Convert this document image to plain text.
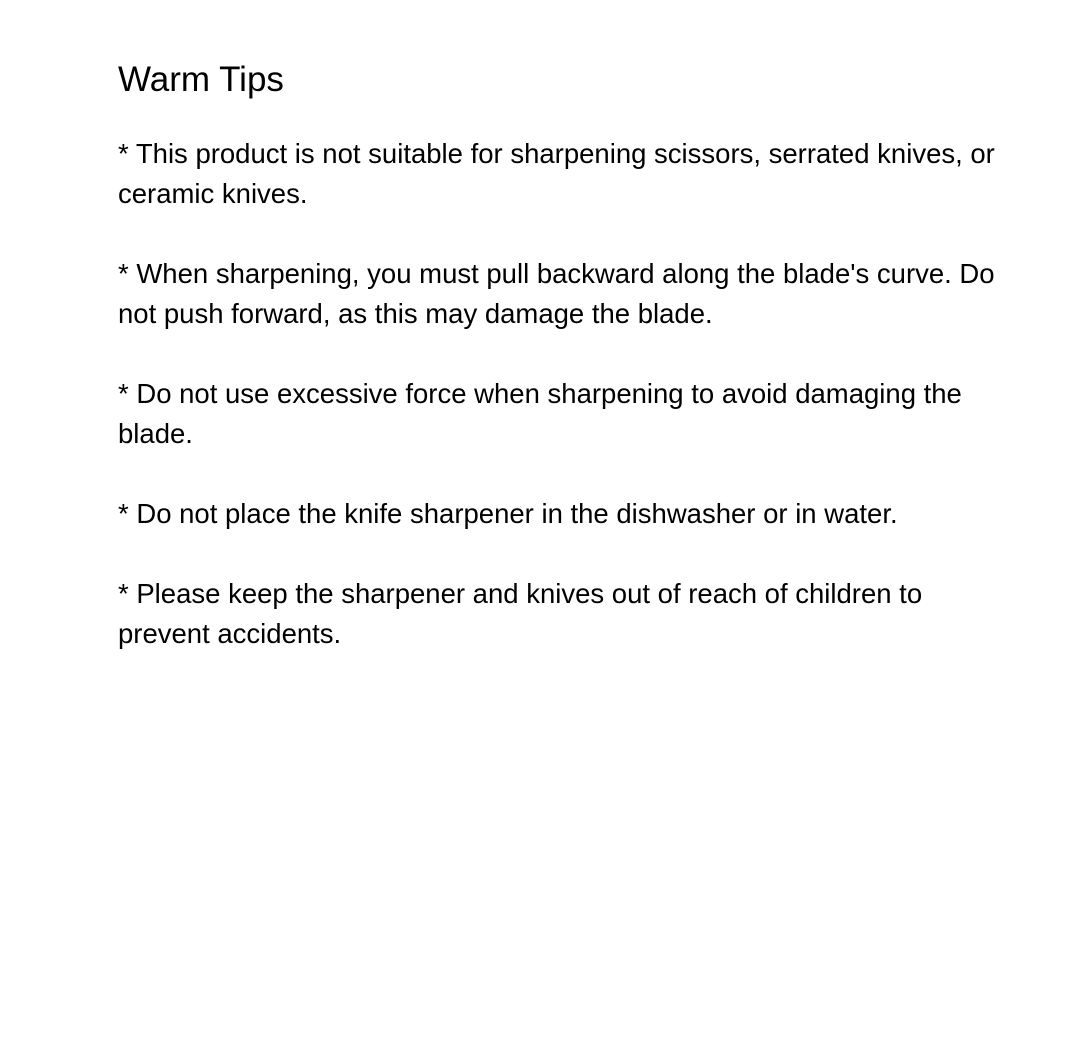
Warm Tips

* This product is not suitable for sharpening scissors, serrated knives, or ceramic knives.

* When sharpening, you must pull backward along the blade's curve. Do not push forward, as this may damage the blade.

* Do not use excessive force when sharpening to avoid damaging the blade.

* Do not place the knife sharpener in the dishwasher or in water.

* Please keep the sharpener and knives out of reach of children to prevent accidents.
